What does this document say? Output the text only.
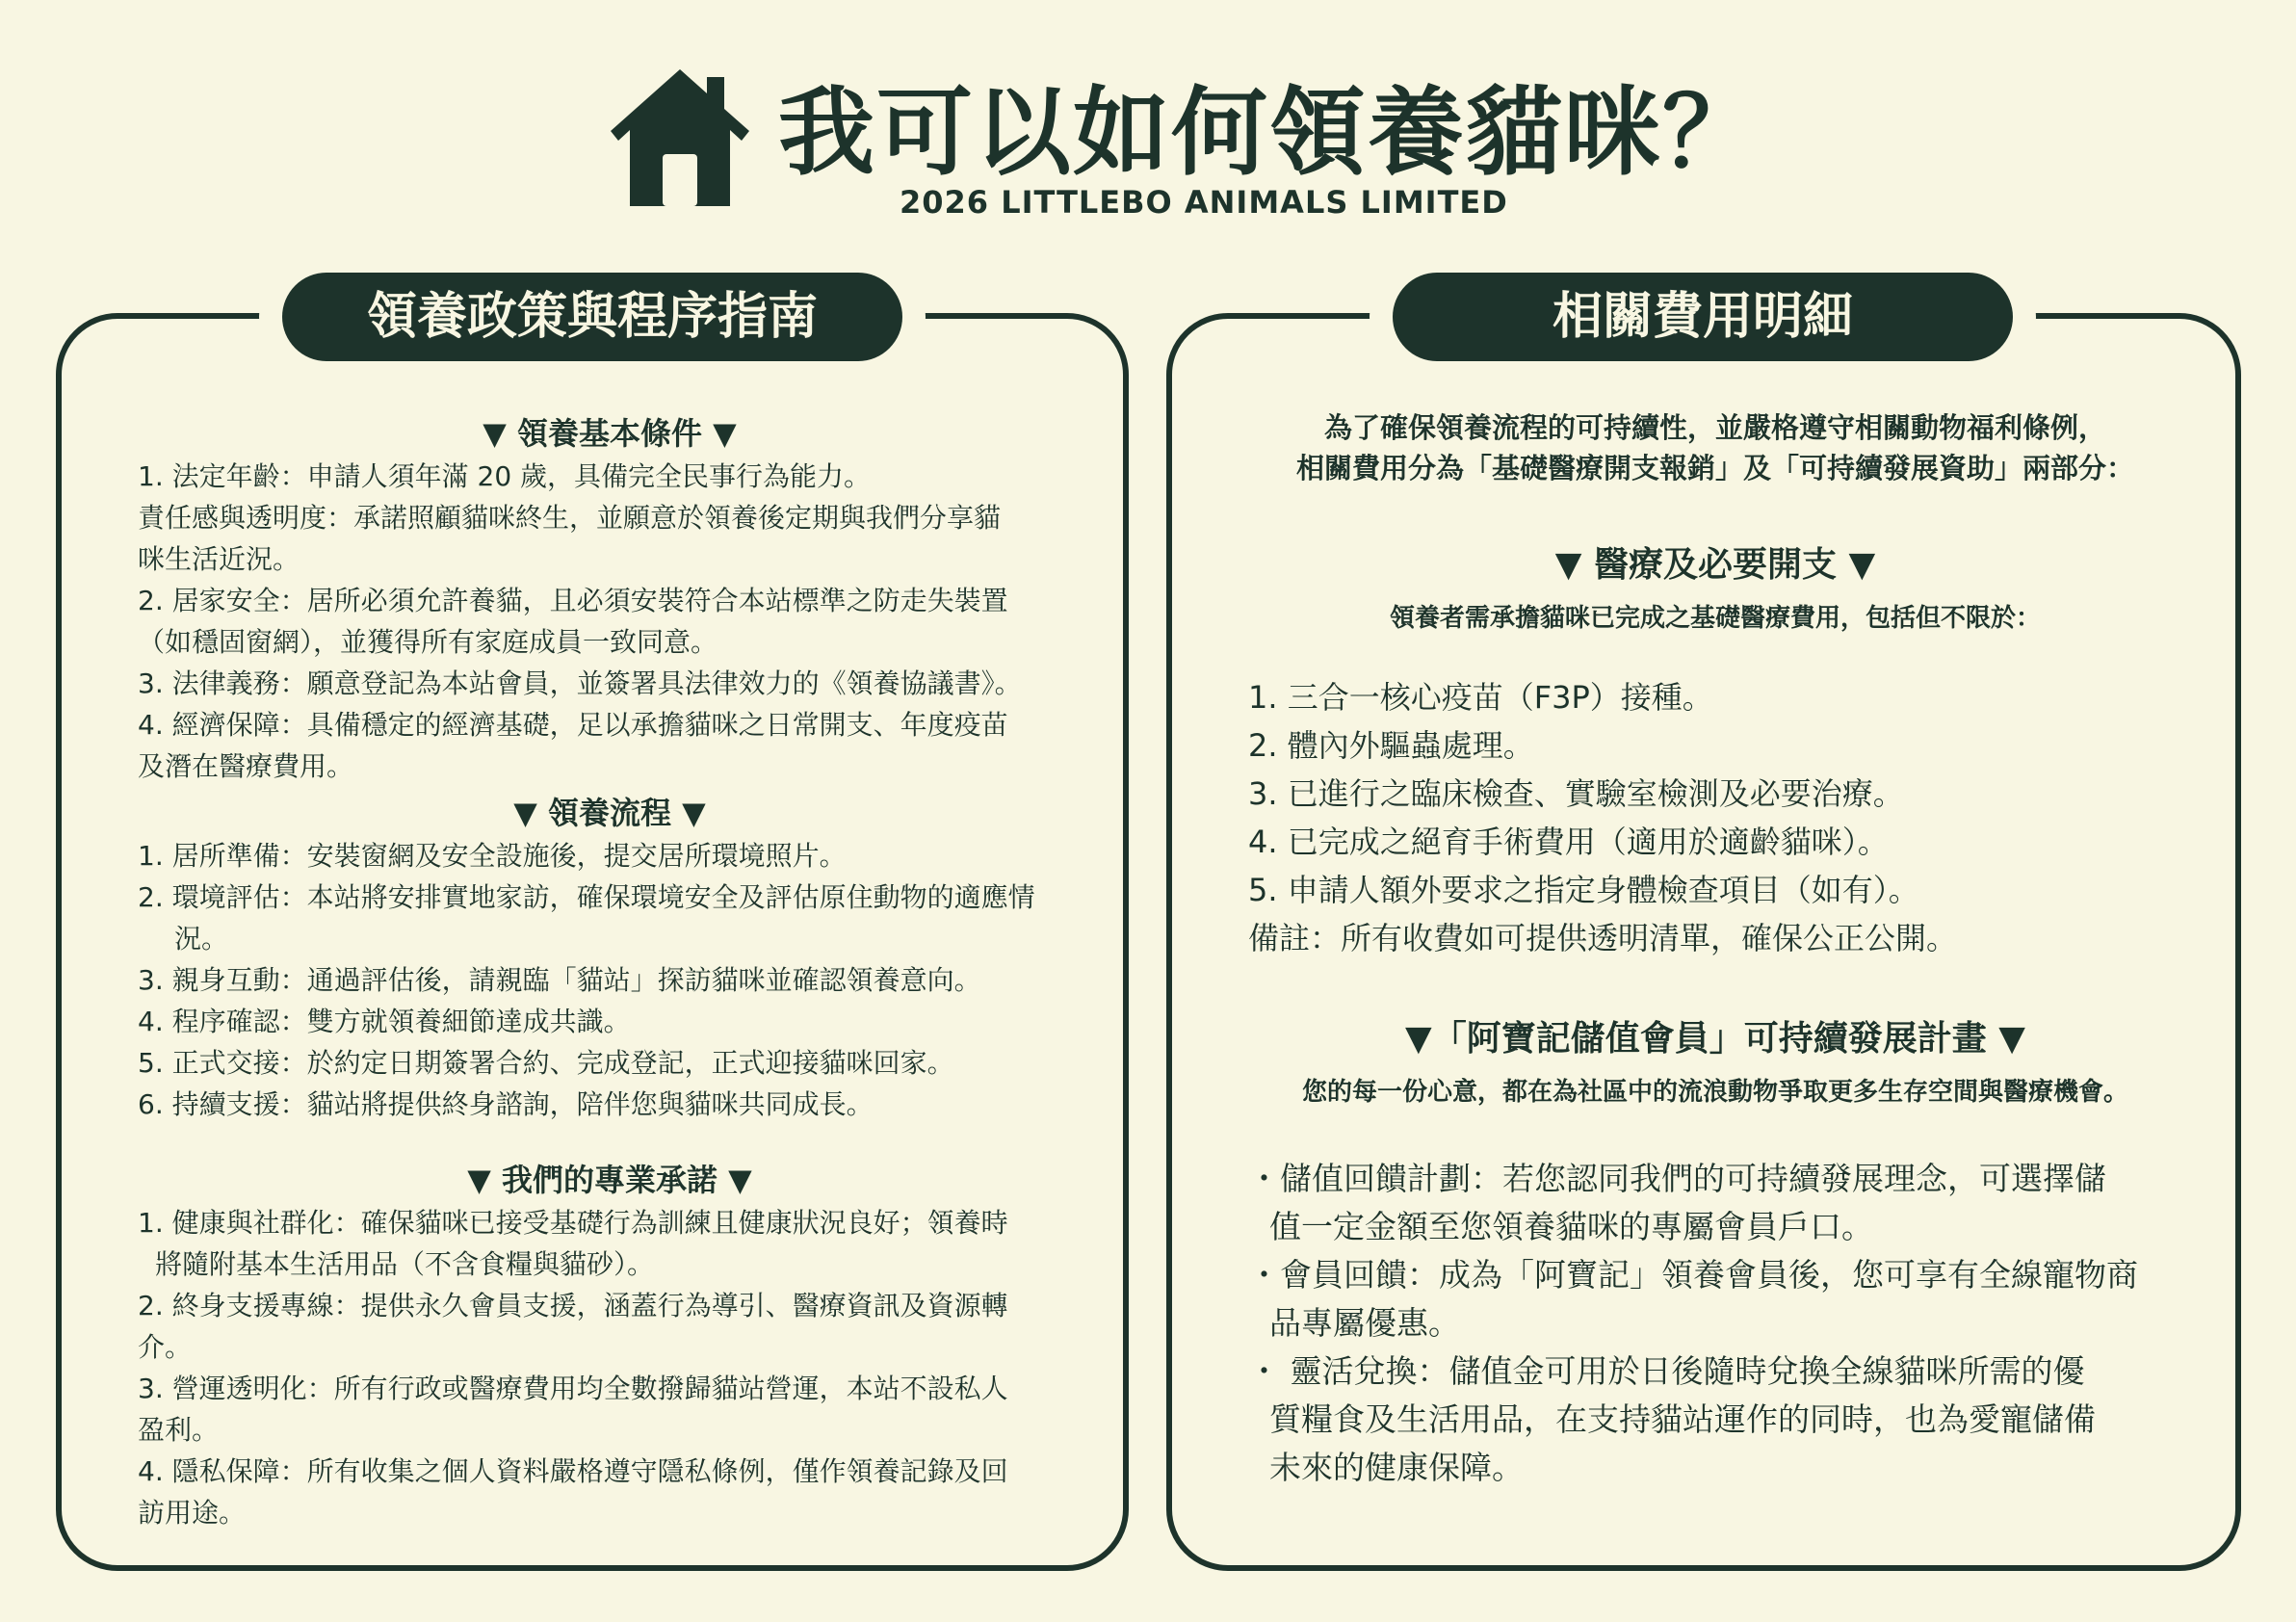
我可以如何領養貓咪？
2026 LITTLEBO ANIMALS LIMITED
領養政策與程序指南	相關費用明細
▼ 領養基本條件 ▼

1. 法定年齡：申請人須年滿 20 歲，具備完全民事行為能力。

責任感與透明度：承諾照顧貓咪終生，並願意於領養後定期與我們分享貓

咪生活近況。

2. 居家安全：居所必須允許養貓，且必須安裝符合本站標準之防走失裝置

（如穩固窗網），並獲得所有家庭成員一致同意。

3. 法律義務：願意登記為本站會員，並簽署具法律效力的《領養協議書》。

4. 經濟保障：具備穩定的經濟基礎，足以承擔貓咪之日常開支、年度疫苗

及潛在醫療費用。

▼ 領養流程 ▼

1. 居所準備：安裝窗網及安全設施後，提交居所環境照片。

2. 環境評估：本站將安排實地家訪，確保環境安全及評估原住動物的適應情

況。

3. 親身互動：通過評估後，請親臨「貓站」探訪貓咪並確認領養意向。

4. 程序確認：雙方就領養細節達成共識。

5. 正式交接：於約定日期簽署合約、完成登記，正式迎接貓咪回家。

6. 持續支援：貓站將提供終身諮詢，陪伴您與貓咪共同成長。

▼ 我們的專業承諾 ▼

1. 健康與社群化：確保貓咪已接受基礎行為訓練且健康狀況良好；領養時

將隨附基本生活用品（不含食糧與貓砂）。

2. 終身支援專線：提供永久會員支援，涵蓋行為導引、醫療資訊及資源轉

介。

3. 營運透明化：所有行政或醫療費用均全數撥歸貓站營運，本站不設私人

盈利。

4. 隱私保障：所有收集之個人資料嚴格遵守隱私條例，僅作領養記錄及回

訪用途。

為了確保領養流程的可持續性，並嚴格遵守相關動物福利條例，

相關費用分為「基礎醫療開支報銷」及「可持續發展資助」兩部分：

▼ 醫療及必要開支 ▼

領養者需承擔貓咪已完成之基礎醫療費用，包括但不限於：

1. 三合一核心疫苗（F3P）接種。

2. 體內外驅蟲處理。

3. 已進行之臨床檢查、實驗室檢測及必要治療。

4. 已完成之絕育手術費用（適用於適齡貓咪）。

5. 申請人額外要求之指定身體檢查項目（如有）。

備註：所有收費如可提供透明清單，確保公正公開。

▼「阿寶記儲值會員」可持續發展計畫 ▼

您的每一份心意，都在為社區中的流浪動物爭取更多生存空間與醫療機會。

・儲值回饋計劃：若您認同我們的可持續發展理念，可選擇儲

值一定金額至您領養貓咪的專屬會員戶口。

・會員回饋：成為「阿寶記」領養會員後，您可享有全線寵物商

品專屬優惠。

・ 靈活兌換：儲值金可用於日後隨時兌換全線貓咪所需的優

質糧食及生活用品，在支持貓站運作的同時，也為愛寵儲備

未來的健康保障。
